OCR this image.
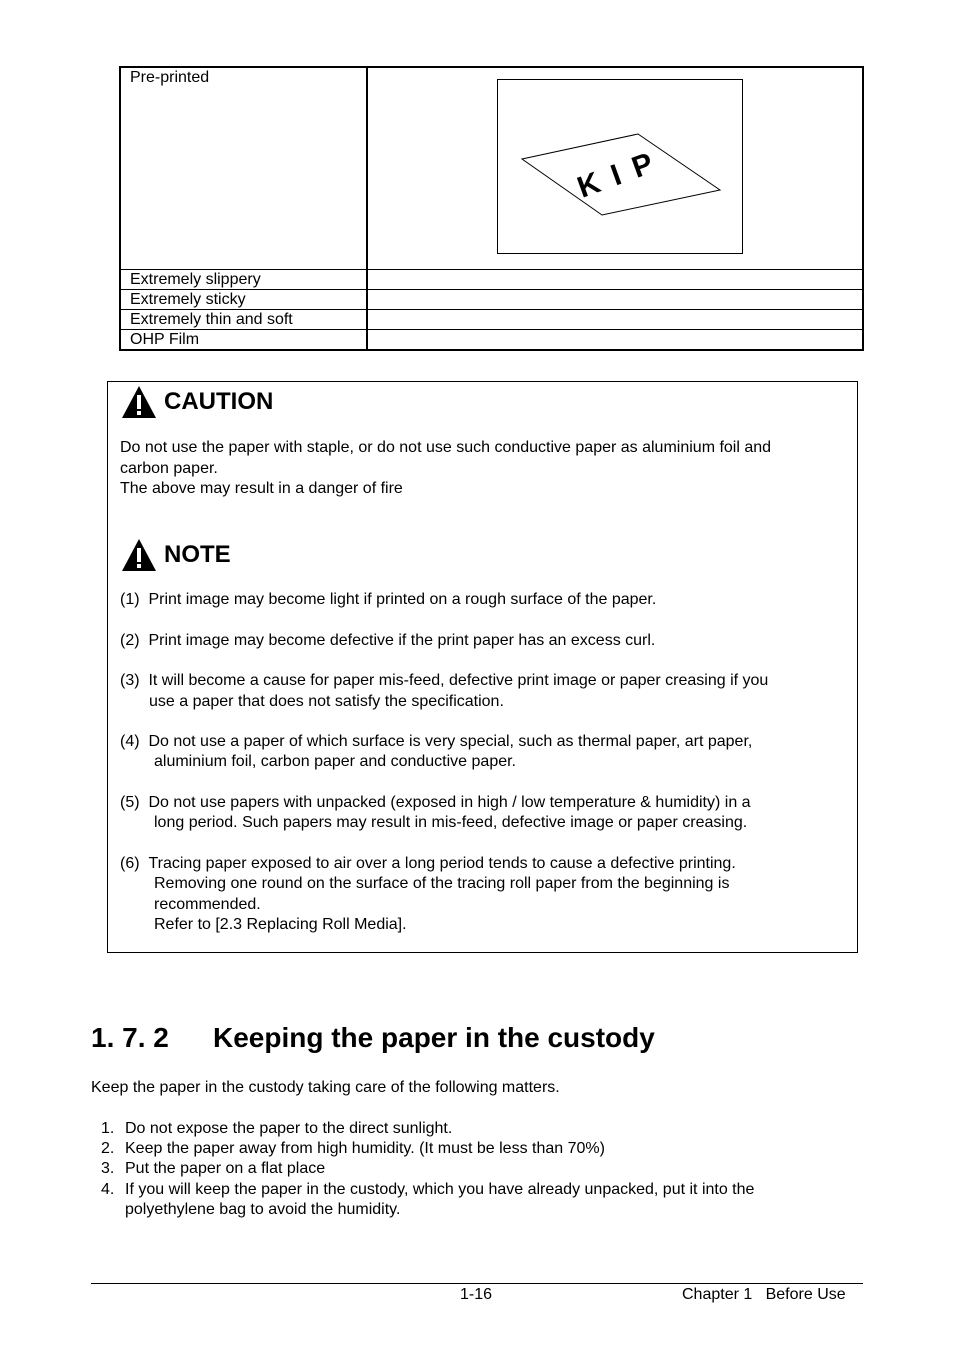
Pre-printed	
Extremely slippery	
Extremely sticky	
Extremely thin and soft	
OHP Film	
KIP
CAUTION
Do not use the paper with staple, or do not use such conductive paper as aluminium foil and
carbon paper.
The above may result in a danger of fire
NOTE
(1) Print image may become light if printed on a rough surface of the paper.
(2) Print image may become defective if the print paper has an excess curl.
(3) It will become a cause for paper mis-feed, defective print image or paper creasing if you
use a paper that does not satisfy the specification.
(4) Do not use a paper of which surface is very special, such as thermal paper, art paper,
aluminium foil, carbon paper and conductive paper.
(5) Do not use papers with unpacked (exposed in high / low temperature & humidity) in a
long period. Such papers may result in mis-feed, defective image or paper creasing.
(6) Tracing paper exposed to air over a long period tends to cause a defective printing.
Removing one round on the surface of the tracing roll paper from the beginning is
recommended.
Refer to [2.3 Replacing Roll Media].
1. 7. 2 Keeping the paper in the custody
Keep the paper in the custody taking care of the following matters.
1. Do not expose the paper to the direct sunlight.
2. Keep the paper away from high humidity. (It must be less than 70%)
3. Put the paper on a flat place
4. If you will keep the paper in the custody, which you have already unpacked, put it into the
polyethylene bag to avoid the humidity.
1-16	Chapter 1   Before Use
